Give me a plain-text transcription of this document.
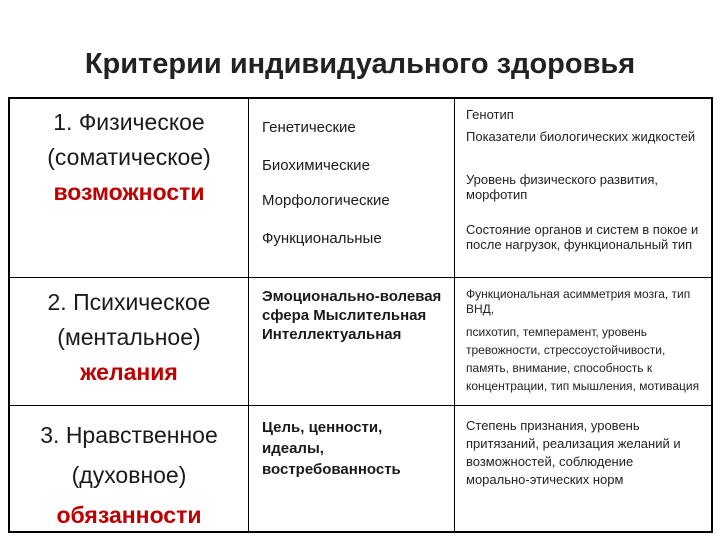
Критерии индивидуального здоровья
1. Физическое
(соматическое)
возможности
Генетические
Биохимические
Морфологические
Функциональные
Генотип
Показатели биологических жидкостей
Уровень физического развития, морфотип
Состояние органов и систем в покое и после нагрузок, функциональный тип
2. Психическое
(ментальное)
желания
Эмоционально-волевая сфера Мыслительная Интеллектуальная
Функциональная асимметрия мозга, тип ВНД,
психотип, темперамент, уровень тревожности, стрессоустойчивости, память, внимание, способность к концентрации, тип мышления, мотивация
3. Нравственное
(духовное)
обязанности
Цель, ценности, идеалы, востребованность
Степень признания, уровень притязаний, реализация желаний и возможностей, соблюдение морально-этических норм
